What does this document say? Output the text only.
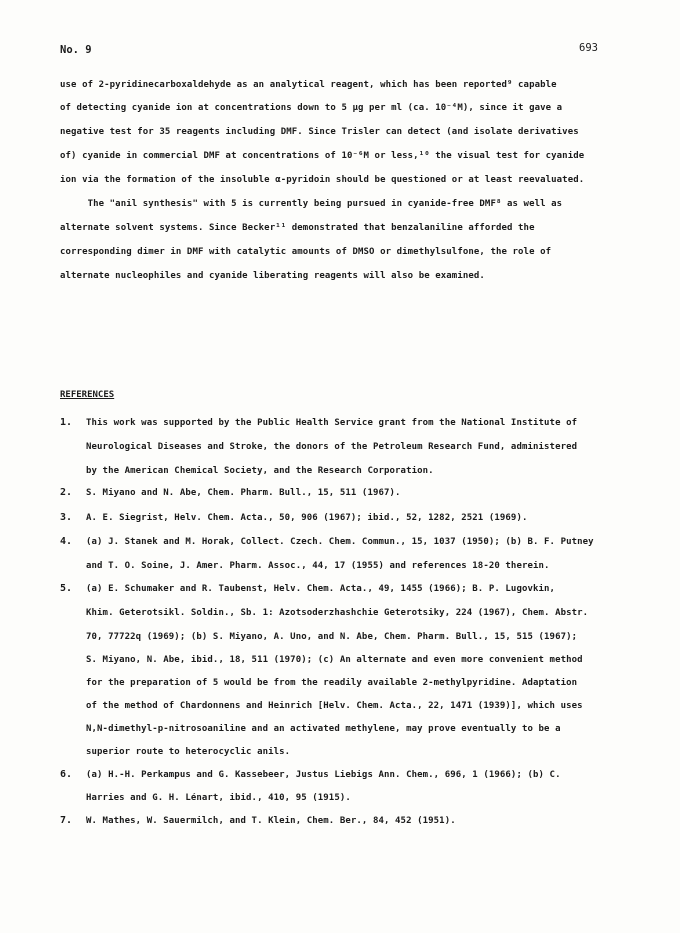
No. 9	693
use of 2-pyridinecarboxaldehyde as an analytical reagent, which has been reported⁹ capable
of detecting cyanide ion at concentrations down to 5 μg per ml (ca. 10⁻⁴M), since it gave a
negative test for 35 reagents including DMF. Since Trisler can detect (and isolate derivatives
of) cyanide in commercial DMF at concentrations of 10⁻⁶M or less,¹⁰ the visual test for cyanide
ion via the formation of the insoluble α-pyridoin should be questioned or at least reevaluated.
The "anil synthesis" with 5 is currently being pursued in cyanide-free DMF⁸ as well as
alternate solvent systems. Since Becker¹¹ demonstrated that benzalaniline afforded the
corresponding dimer in DMF with catalytic amounts of DMSO or dimethylsulfone, the role of
alternate nucleophiles and cyanide liberating reagents will also be examined.
REFERENCES
1.	This work was supported by the Public Health Service grant from the National Institute of
Neurological Diseases and Stroke, the donors of the Petroleum Research Fund, administered
by the American Chemical Society, and the Research Corporation.
2.	S. Miyano and N. Abe, Chem. Pharm. Bull., 15, 511 (1967).
3.	A. E. Siegrist, Helv. Chem. Acta., 50, 906 (1967); ibid., 52, 1282, 2521 (1969).
4.	(a) J. Stanek and M. Horak, Collect. Czech. Chem. Commun., 15, 1037 (1950); (b) B. F. Putney
and T. O. Soine, J. Amer. Pharm. Assoc., 44, 17 (1955) and references 18-20 therein.
5.	(a) E. Schumaker and R. Taubenst, Helv. Chem. Acta., 49, 1455 (1966); B. P. Lugovkin,
Khim. Geterotsikl. Soldin., Sb. 1: Azotsoderzhashchie Geterotsiky, 224 (1967), Chem. Abstr.
70, 77722q (1969); (b) S. Miyano, A. Uno, and N. Abe, Chem. Pharm. Bull., 15, 515 (1967);
S. Miyano, N. Abe, ibid., 18, 511 (1970); (c) An alternate and even more convenient method
for the preparation of 5 would be from the readily available 2-methylpyridine. Adaptation
of the method of Chardonnens and Heinrich [Helv. Chem. Acta., 22, 1471 (1939)], which uses
N,N-dimethyl-p-nitrosoaniline and an activated methylene, may prove eventually to be a
superior route to heterocyclic anils.
6.	(a) H.-H. Perkampus and G. Kassebeer, Justus Liebigs Ann. Chem., 696, 1 (1966); (b) C.
Harries and G. H. Lénart, ibid., 410, 95 (1915).
7.	W. Mathes, W. Sauermilch, and T. Klein, Chem. Ber., 84, 452 (1951).
